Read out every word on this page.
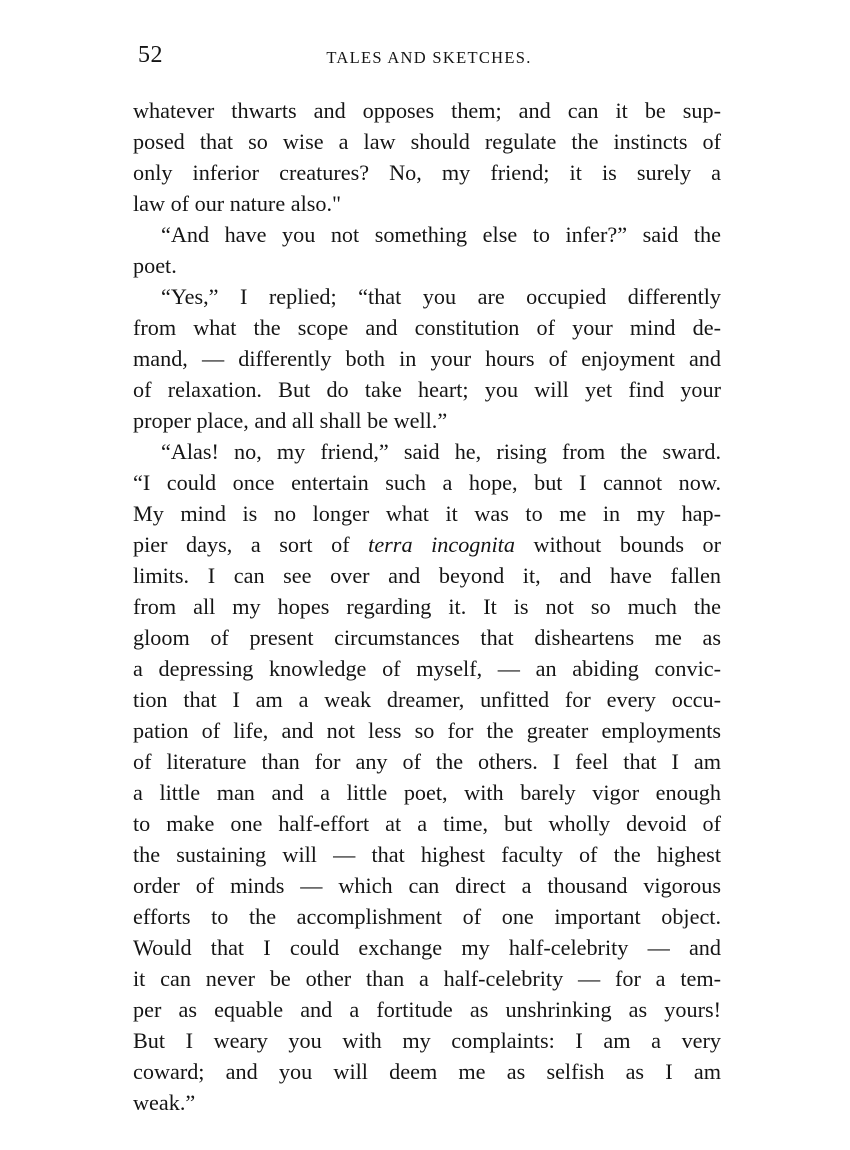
52	TALES AND SKETCHES.
whatever thwarts and opposes them; and can it be sup-
posed that so wise a law should regulate the instincts of
only inferior creatures? No, my friend; it is surely a
law of our nature also."
“And have you not something else to infer?” said the
poet.
“Yes,” I replied; “that you are occupied differently
from what the scope and constitution of your mind de-
mand, — differently both in your hours of enjoyment and
of relaxation. But do take heart; you will yet find your
proper place, and all shall be well.”
“Alas! no, my friend,” said he, rising from the sward.
“I could once entertain such a hope, but I cannot now.
My mind is no longer what it was to me in my hap-
pier days, a sort of terra incognita without bounds or
limits. I can see over and beyond it, and have fallen
from all my hopes regarding it. It is not so much the
gloom of present circumstances that disheartens me as
a depressing knowledge of myself, — an abiding convic-
tion that I am a weak dreamer, unfitted for every occu-
pation of life, and not less so for the greater employments
of literature than for any of the others. I feel that I am
a little man and a little poet, with barely vigor enough
to make one half-effort at a time, but wholly devoid of
the sustaining will — that highest faculty of the highest
order of minds — which can direct a thousand vigorous
efforts to the accomplishment of one important object.
Would that I could exchange my half-celebrity — and
it can never be other than a half-celebrity — for a tem-
per as equable and a fortitude as unshrinking as yours!
But I weary you with my complaints: I am a very
coward; and you will deem me as selfish as I am
weak.”
